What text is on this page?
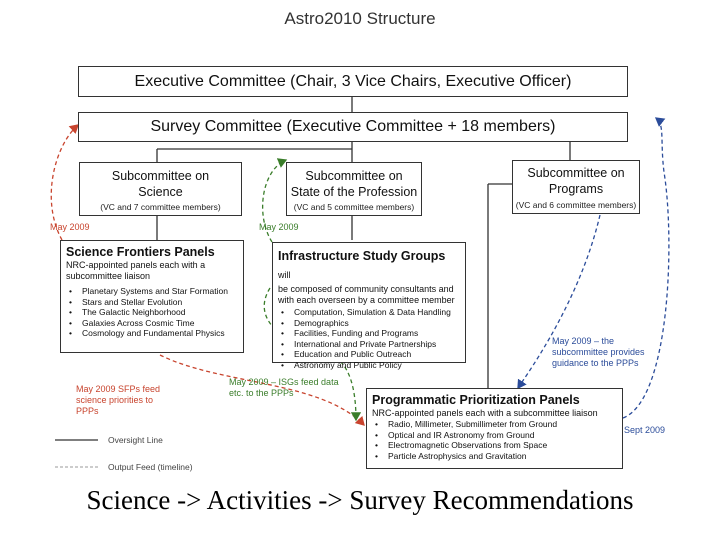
Astro2010 Structure
Executive Committee (Chair, 3 Vice Chairs, Executive Officer)
Survey Committee (Executive Committee + 18 members)
Subcommittee on
Science
(VC and 7 committee members)
Subcommittee on
State of the Profession
(VC and 5 committee members)
Subcommittee on
Programs
(VC and 6 committee members)
Science Frontiers Panels
NRC-appointed panels each with a subcommittee liaison
• Planetary Systems and Star Formation
• Stars and Stellar Evolution
• The Galactic Neighborhood
• Galaxies Across Cosmic Time
• Cosmology and Fundamental Physics
Infrastructure Study Groups will
be composed of community consultants and with each overseen by a committee member
• Computation, Simulation & Data Handling
• Demographics
• Facilities, Funding and Programs
• International and Private Partnerships
• Education and Public Outreach
• Astronomy and Public Policy
Programmatic Prioritization Panels
NRC-appointed panels each with a subcommittee liaison
• Radio, Millimeter, Submillimeter from Ground
• Optical and IR Astronomy from Ground
• Electromagnetic Observations from Space
• Particle Astrophysics and Gravitation
May 2009	May 2009
May 2009 SFPs feed
science priorities to
PPPs
May 2009 – ISGs feed data
etc. to the PPPs
May 2009 – the
subcommittee provides
guidance to the PPPs
Sept 2009
Oversight Line
Output Feed (timeline)
Science -> Activities -> Survey Recommendations
